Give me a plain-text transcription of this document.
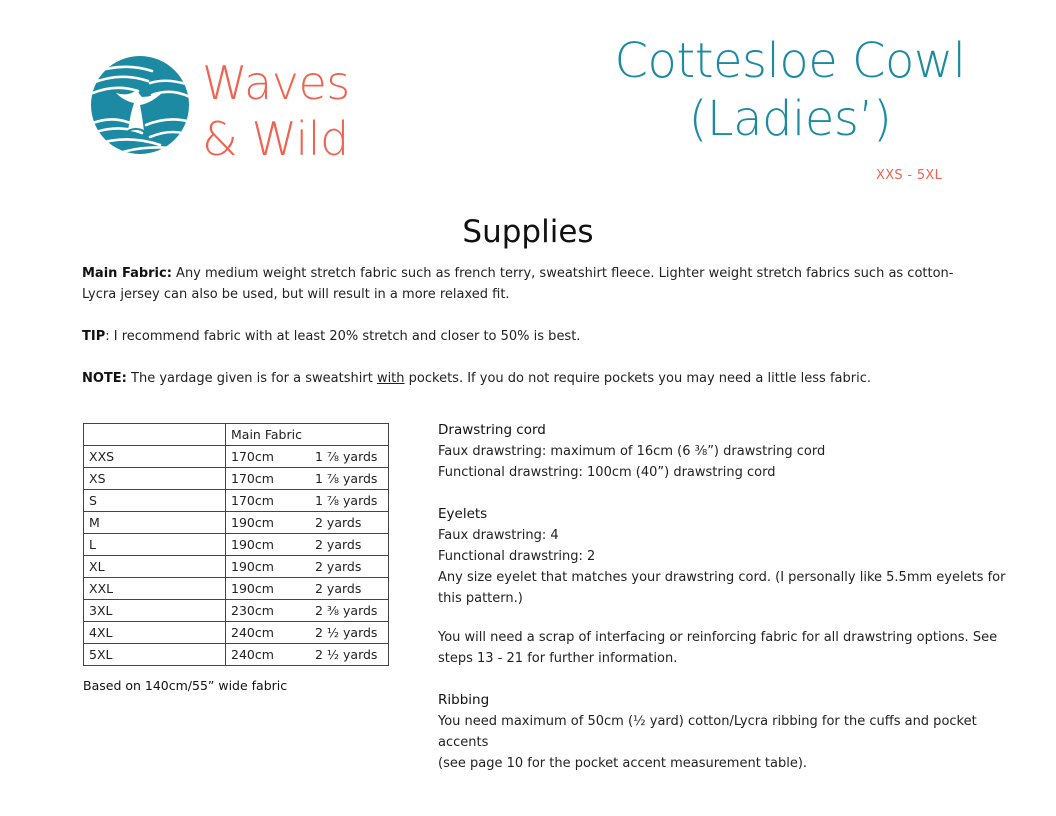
Waves
& Wild
Cottesloe Cowl
(Ladies’)
XXS - 5XL
Supplies
Main Fabric: Any medium weight stretch fabric such as french terry, sweatshirt fleece. Lighter weight stretch fabrics such as cotton-Lycra jersey can also be used, but will result in a more relaxed fit.
TIP: I recommend fabric with at least 20% stretch and closer to 50% is best.
NOTE: The yardage given is for a sweatshirt with pockets. If you do not require pockets you may need a little less fabric.
	Main Fabric
XXS	170cm 1 ⅞ yards
XS	170cm 1 ⅞ yards
S	170cm 1 ⅞ yards
M	190cm 2 yards
L	190cm 2 yards
XL	190cm 2 yards
XXL	190cm 2 yards
3XL	230cm 2 ⅜ yards
4XL	240cm 2 ½ yards
5XL	240cm 2 ½ yards
Based on 140cm/55” wide fabric
Drawstring cord
Faux drawstring: maximum of 16cm (6 ⅜”) drawstring cord
Functional drawstring: 100cm (40”) drawstring cord
Eyelets
Faux drawstring: 4
Functional drawstring: 2
Any size eyelet that matches your drawstring cord. (I personally like 5.5mm eyelets for this pattern.)
You will need a scrap of interfacing or reinforcing fabric for all drawstring options. See steps 13 - 21 for further information.
Ribbing
You need maximum of 50cm (½ yard) cotton/Lycra ribbing for the cuffs and pocket accents
(see page 10 for the pocket accent measurement table).
